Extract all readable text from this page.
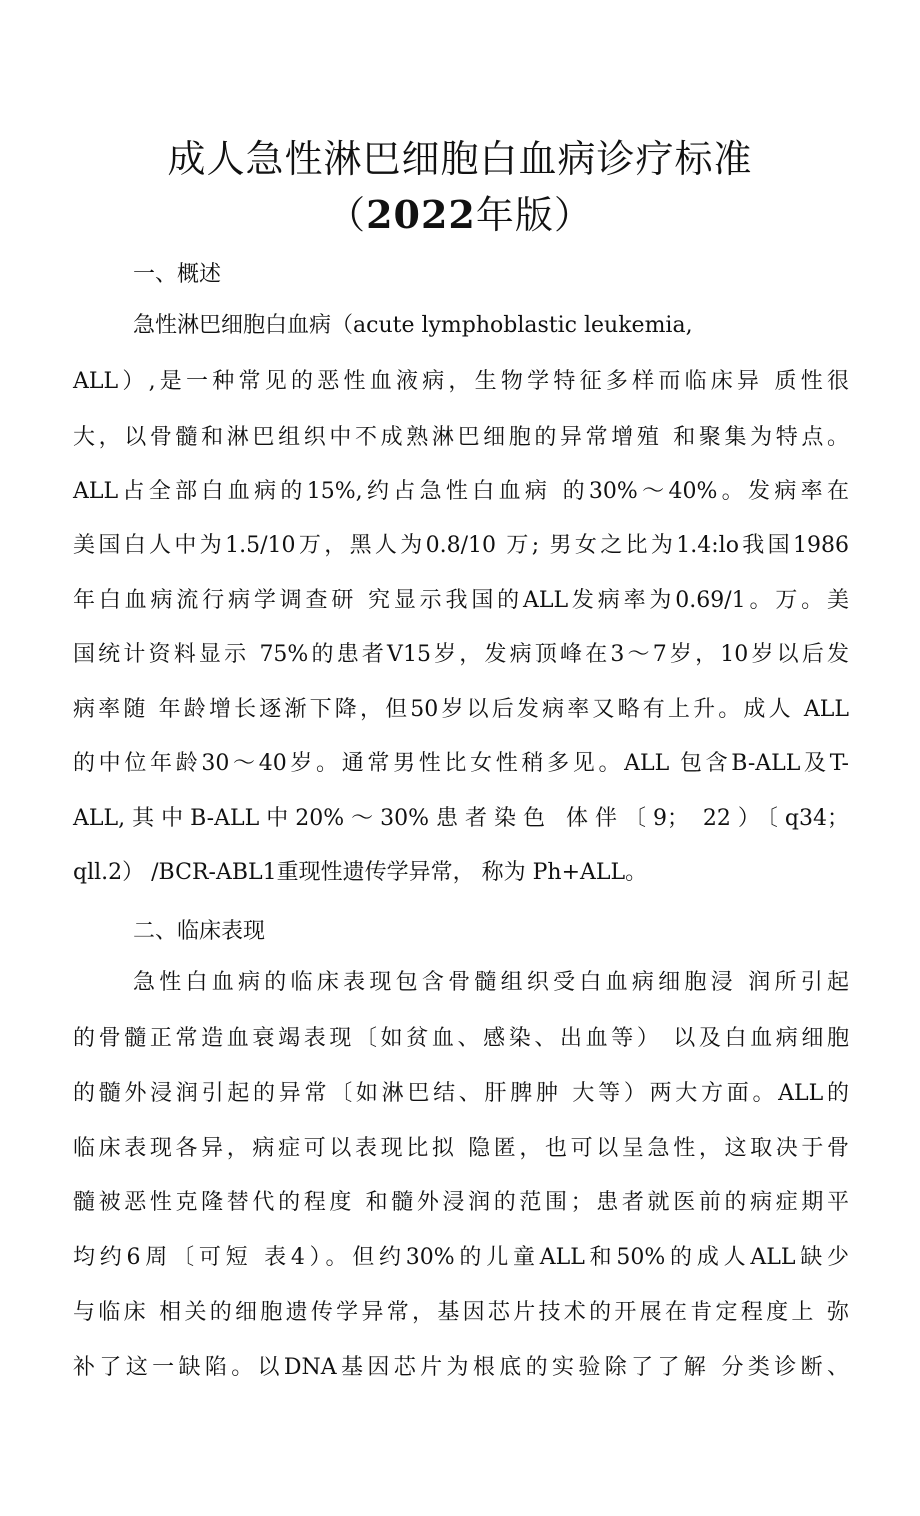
成人急性淋巴细胞白血病诊疗标准
（2022年版）
一、概述
急性淋巴细胞白血病（acute lymphoblastic leukemia,
ALL）,是一种常见的恶性血液病，生物学特征多样而临床异 质性很
大，以骨髓和淋巴组织中不成熟淋巴细胞的异常增殖 和聚集为特点。
ALL占全部白血病的15%,约占急性白血病 的30%～40%。发病率在
美国白人中为1.5/10万，黑人为0.8/10 万; 男女之比为1.4:lo我国1986
年白血病流行病学调查研 究显示我国的ALL发病率为0.69/1。万。美
国统计资料显示 75%的患者V15岁，发病顶峰在3～7岁，10岁以后发
病率随 年龄增长逐渐下降，但50岁以后发病率又略有上升。成人 ALL
的中位年龄30～40岁。通常男性比女性稍多见。ALL 包含B-ALL及T-
ALL,其中B-ALL中20%～30%患者染色 体伴〔9； 22）〔q34；
qll.2） /BCR-ABL1重现性遗传学异常， 称为 Ph+ALL。
二、临床表现
急性白血病的临床表现包含骨髓组织受白血病细胞浸 润所引起
的骨髓正常造血衰竭表现〔如贫血、感染、出血等） 以及白血病细胞
的髓外浸润引起的异常〔如淋巴结、肝脾肿 大等）两大方面。ALL的
临床表现各异，病症可以表现比拟 隐匿，也可以呈急性，这取决于骨
髓被恶性克隆替代的程度 和髓外浸润的范围；患者就医前的病症期平
均约6周〔可短 表4）。但约30%的儿童ALL和50%的成人ALL缺少
与临床 相关的细胞遗传学异常，基因芯片技术的开展在肯定程度上 弥
补了这一缺陷。以DNA基因芯片为根底的实验除了了解 分类诊断、
